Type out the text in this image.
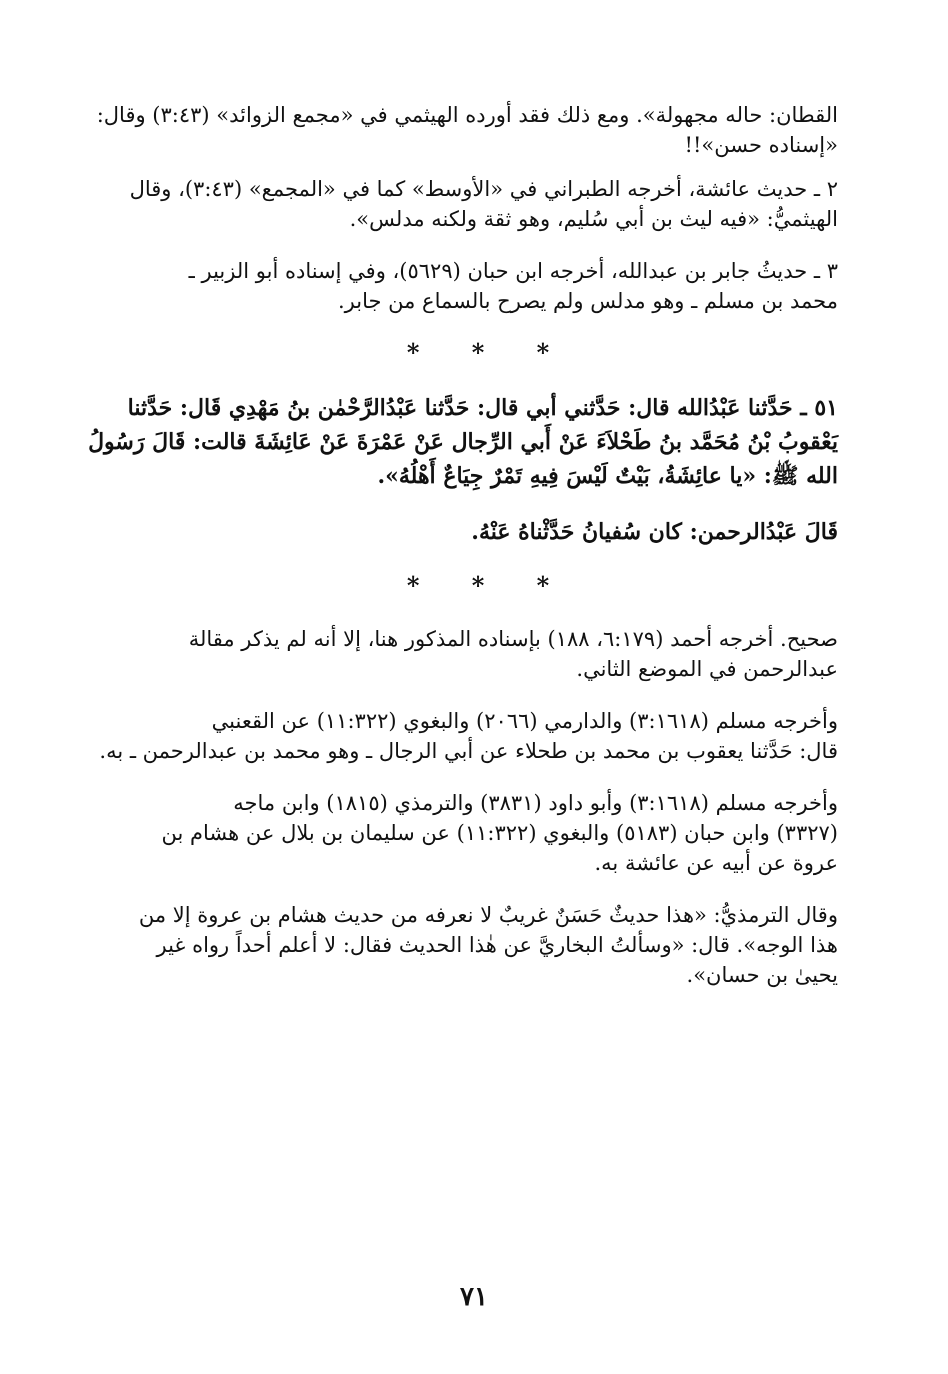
القطان: حاله مجهولة». ومع ذلك فقد أورده الهيثمي في «مجمع الزوائد» (٣:٤٣) وقال:
«إسناده حسن»!!
٢ ـ حديث عائشة، أخرجه الطبراني في «الأوسط» كما في «المجمع» (٣:٤٣)، وقال
الهيثميُّ: «فيه ليث بن أبي سُليم، وهو ثقة ولكنه مدلس».
٣ ـ حديثُ جابر بن عبدالله، أخرجه ابن حبان (٥٦٢٩)، وفي إسناده أبو الزبير ـ
محمد بن مسلم ـ وهو مدلس ولم يصرح بالسماع من جابر.
* * *
٥١ ـ حَدَّثنا عَبْدُالله قال: حَدَّثني أبي قال: حَدَّثنا عَبْدُالرَّحْمٰن بنُ مَهْدِي قَال: حَدَّثنا
يَعْقوبُ بْنُ مُحَمَّد بنُ طَحْلاَءَ عَنْ أَبي الرِّجال عَنْ عَمْرَةَ عَنْ عَائِشَةَ قالت: قَالَ رَسُولُ
الله ﷺ: «يا عائِشَةُ، بَيْتٌ لَيْسَ فِيهِ تَمْرٌ جِيَاعٌ أَهْلُهُ».
قَالَ عَبْدُالرحمن: كان سُفيانُ حَدَّثْناهُ عَنْهُ.
* * *
صحيح. أخرجه أحمد (٦:١٧٩، ١٨٨) بإسناده المذكور هنا، إلا أنه لم يذكر مقالة
عبدالرحمن في الموضع الثاني.
وأخرجه مسلم (٣:١٦١٨) والدارمي (٢٠٦٦) والبغوي (١١:٣٢٢) عن القعنبي
قال: حَدَّثنا يعقوب بن محمد بن طحلاء عن أبي الرجال ـ وهو محمد بن عبدالرحمن ـ به.
وأخرجه مسلم (٣:١٦١٨) وأبو داود (٣٨٣١) والترمذي (١٨١٥) وابن ماجه
(٣٣٢٧) وابن حبان (٥١٨٣) والبغوي (١١:٣٢٢) عن سليمان بن بلال عن هشام بن
عروة عن أبيه عن عائشة به.
وقال الترمذيُّ: «هذا حديثٌ حَسَنٌ غريبٌ لا نعرفه من حديث هشام بن عروة إلا من
هذا الوجه». قال: «وسألتُ البخاريَّ عن هٰذا الحديث فقال: لا أعلم أحداً رواه غير
يحيىٰ بن حسان».
٧١
